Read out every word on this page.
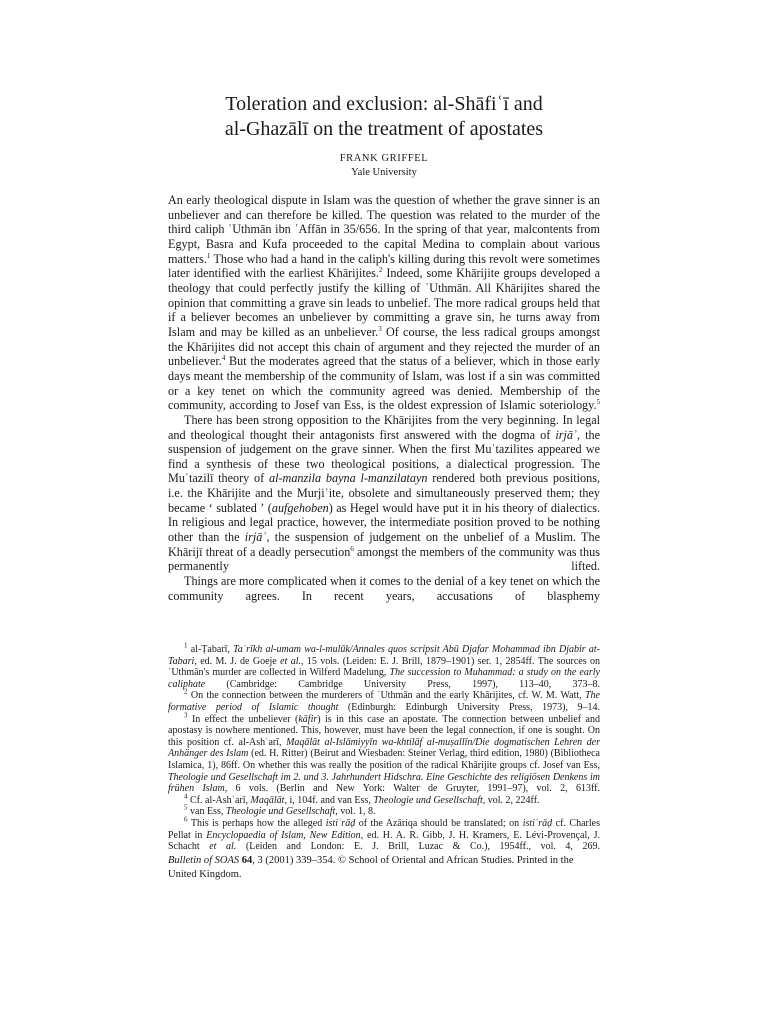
Toleration and exclusion: al-Shāfiʿī and
al-Ghazālī on the treatment of apostates
FRANK GRIFFEL
Yale University
An early theological dispute in Islam was the question of whether the grave sinner is an unbeliever and can therefore be killed. The question was related to the murder of the third caliph ʿUthmān ibn ʿAffān in 35/656. In the spring of that year, malcontents from Egypt, Basra and Kufa proceeded to the capital Medina to complain about various matters.$^1$ Those who had a hand in the caliph's killing during this revolt were sometimes later identified with the earliest Khārijites.$^2$ Indeed, some Khārijite groups developed a theology that could perfectly justify the killing of ʿUthmān. All Khārijites shared the opinion that committing a grave sin leads to unbelief. The more radical groups held that if a believer becomes an unbeliever by committing a grave sin, he turns away from Islam and may be killed as an unbeliever.$^3$ Of course, the less radical groups amongst the Khārijites did not accept this chain of argument and they rejected the murder of an unbeliever.$^4$ But the moderates agreed that the status of a believer, which in those early days meant the membership of the community of Islam, was lost if a sin was committed or a key tenet on which the community agreed was denied. Membership of the community, according to Josef van Ess, is the oldest expression of Islamic soteriology.$^5$
There has been strong opposition to the Khārijites from the very beginning. In legal and theological thought their antagonists first answered with the dogma of irjāʾ, the suspension of judgement on the grave sinner. When the first Muʿtazilites appeared we find a synthesis of these two theological positions, a dialectical progression. The Muʿtazilī theory of al-manzila bayna l-manzilatayn rendered both previous positions, i.e. the Khārijite and the Murjiʾite, obsolete and simultaneously preserved them; they became ʻ sublated ʼ (aufgehoben) as Hegel would have put it in his theory of dialectics. In religious and legal practice, however, the intermediate position proved to be nothing other than the irjāʾ, the suspension of judgement on the unbelief of a Muslim. The Khārijī threat of a deadly persecution$^6$ amongst the members of the community was thus permanently lifted.
Things are more complicated when it comes to the denial of a key tenet on which the community agrees. In recent years, accusations of blasphemy
$^1$ al-Ṭabarī, Taʾrīkh al-umam wa-l-mulūk/Annales quos scripsit Abū Djafar Mohammad ibn Djabir at-Tabari, ed. M. J. de Goeje et al., 15 vols. (Leiden: E. J. Brill, 1879–1901) ser. 1, 2854ff. The sources on ʿUthmān's murder are collected in Wilferd Madelung, The succession to Muhammad: a study on the early caliphate (Cambridge: Cambridge University Press, 1997), 113–40, 373–8.
$^2$ On the connection between the murderers of ʿUthmān and the early Khārijites, cf. W. M. Watt, The formative period of Islamic thought (Edinburgh: Edinburgh University Press, 1973), 9–14.
$^3$ In effect the unbeliever (kāfir) is in this case an apostate. The connection between unbelief and apostasy is nowhere mentioned. This, however, must have been the legal connection, if one is sought. On this position cf. al-Ashʿarī, Maqālāt al-Islāmiyyīn wa-khtilāf al-muṣallīn/Die dogmatischen Lehren der Anhänger des Islam (ed. H. Ritter) (Beirut and Wiesbaden: Steiner Verlag, third edition, 1980) (Bibliotheca Islamica, 1), 86ff. On whether this was really the position of the radical Khārijite groups cf. Josef van Ess, Theologie und Gesellschaft im 2. und 3. Jahrhundert Hidschra. Eine Geschichte des religiösen Denkens im frühen Islam, 6 vols. (Berlin and New York: Walter de Gruyter, 1991–97), vol. 2, 613ff.
$^4$ Cf. al-Ashʿarī, Maqālāt, i, 104f. and van Ess, Theologie und Gesellschaft, vol. 2, 224ff.
$^5$ van Ess, Theologie und Gesellschaft, vol. 1, 8.
$^6$ This is perhaps how the alleged istiʿrāḍ of the Azāriqa should be translated; on istiʿrāḍ cf. Charles Pellat in Encyclopaedia of Islam, New Edition, ed. H. A. R. Gibb, J. H. Kramers, E. Lévi-Provençal, J. Schacht et al. (Leiden and London: E. J. Brill, Luzac & Co.), 1954ff., vol. 4, 269.
Bulletin of SOAS 64, 3 (2001) 339–354. © School of Oriental and African Studies. Printed in the United Kingdom.
